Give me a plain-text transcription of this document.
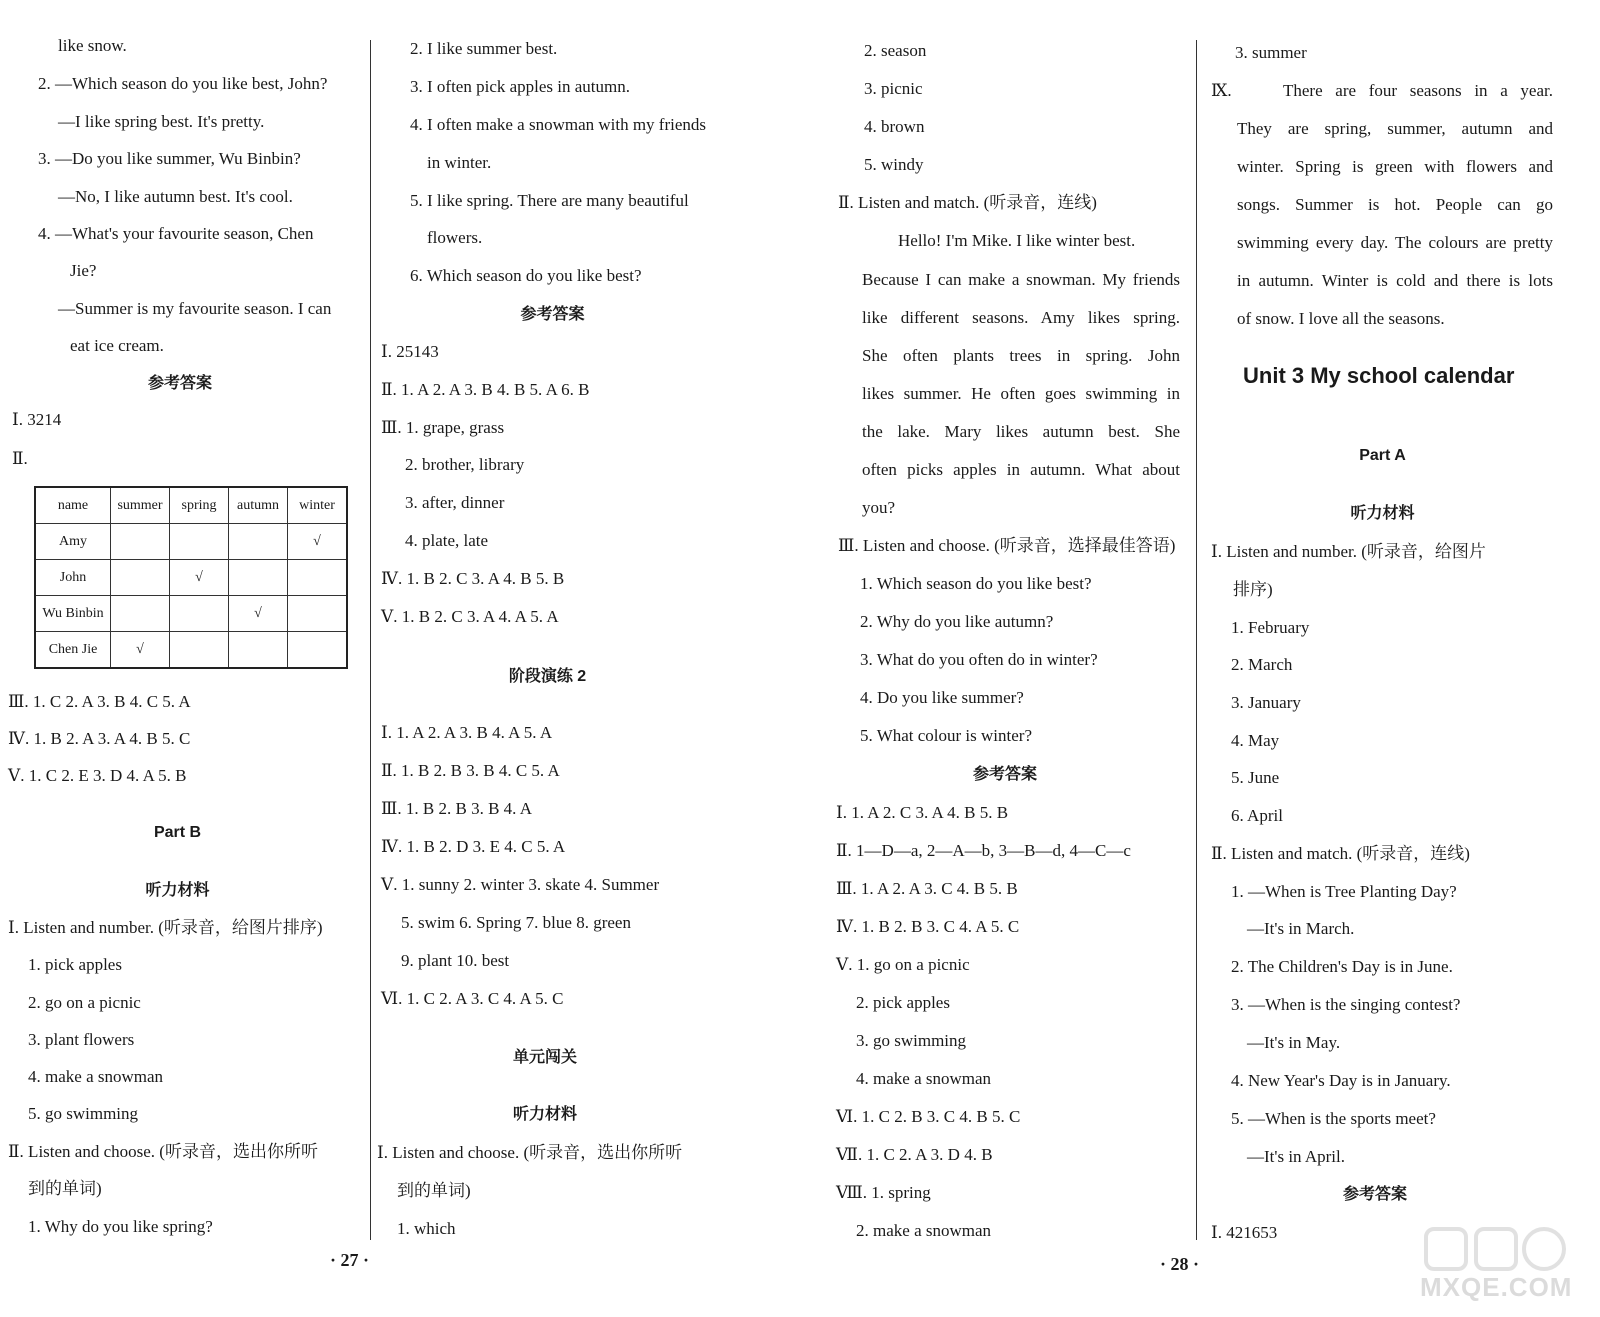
like snow.
2. —Which season do you like best, John?
—I like spring best. It's pretty.
3. —Do you like summer, Wu Binbin?
—No, I like autumn best. It's cool.
4. —What's your favourite season, Chen
Jie?
—Summer is my favourite season. I can
eat ice cream.
参考答案
Ⅰ. 3214
Ⅱ.
name	summer	spring	autumn	winter
Amy				√
John		√		
Wu Binbin			√	
Chen Jie	√			
Ⅲ. 1. C 2. A 3. B 4. C 5. A
Ⅳ. 1. B 2. A 3. A 4. B 5. C
Ⅴ. 1. C 2. E 3. D 4. A 5. B
Part B
听力材料
Ⅰ. Listen and number. (听录音，给图片排序)
1. pick apples
2. go on a picnic
3. plant flowers
4. make a snowman
5. go swimming
Ⅱ. Listen and choose. (听录音，选出你所听
到的单词)
1. Why do you like spring?
2. I like summer best.
3. I often pick apples in autumn.
4. I often make a snowman with my friends
in winter.
5. I like spring. There are many beautiful
flowers.
6. Which season do you like best?
参考答案
Ⅰ. 25143
Ⅱ. 1. A 2. A 3. B 4. B 5. A 6. B
Ⅲ. 1. grape, grass
2. brother, library
3. after, dinner
4. plate, late
Ⅳ. 1. B 2. C 3. A 4. B 5. B
Ⅴ. 1. B 2. C 3. A 4. A 5. A
阶段演练 2
Ⅰ. 1. A 2. A 3. B 4. A 5. A
Ⅱ. 1. B 2. B 3. B 4. C 5. A
Ⅲ. 1. B 2. B 3. B 4. A
Ⅳ. 1. B 2. D 3. E 4. C 5. A
Ⅴ. 1. sunny 2. winter 3. skate 4. Summer
5. swim 6. Spring 7. blue 8. green
9. plant 10. best
Ⅵ. 1. C 2. A 3. C 4. A 5. C
单元闯关
听力材料
Ⅰ. Listen and choose. (听录音，选出你所听
到的单词)
1. which
· 27 ·
2. season
3. picnic
4. brown
5. windy
Ⅱ. Listen and match. (听录音，连线)
Hello! I'm Mike. I like winter best.
Because I can make a snowman. My friends
like different seasons. Amy likes spring.
She often plants trees in spring. John
likes summer. He often goes swimming in
the lake. Mary likes autumn best. She
often picks apples in autumn. What about
you?
Ⅲ. Listen and choose. (听录音，选择最佳答语)
1. Which season do you like best?
2. Why do you like autumn?
3. What do you often do in winter?
4. Do you like summer?
5. What colour is winter?
参考答案
Ⅰ. 1. A 2. C 3. A 4. B 5. B
Ⅱ. 1—D—a, 2—A—b, 3—B—d, 4—C—c
Ⅲ. 1. A 2. A 3. C 4. B 5. B
Ⅳ. 1. B 2. B 3. C 4. A 5. C
Ⅴ. 1. go on a picnic
2. pick apples
3. go swimming
4. make a snowman
Ⅵ. 1. C 2. B 3. C 4. B 5. C
Ⅶ. 1. C 2. A 3. D 4. B
Ⅷ. 1. spring
2. make a snowman
3. summer
Ⅸ.	There are four seasons in a year.
They are spring, summer, autumn and
winter. Spring is green with flowers and
songs. Summer is hot. People can go
swimming every day. The colours are pretty
in autumn. Winter is cold and there is lots
of snow. I love all the seasons.
Unit 3 My school calendar
Part A
听力材料
Ⅰ. Listen and number. (听录音，给图片
排序)
1. February
2. March
3. January
4. May
5. June
6. April
Ⅱ. Listen and match. (听录音，连线)
1. —When is Tree Planting Day?
—It's in March.
2. The Children's Day is in June.
3. —When is the singing contest?
—It's in May.
4. New Year's Day is in January.
5. —When is the sports meet?
—It's in April.
参考答案
Ⅰ. 421653
· 28 ·
MXQE.COM
